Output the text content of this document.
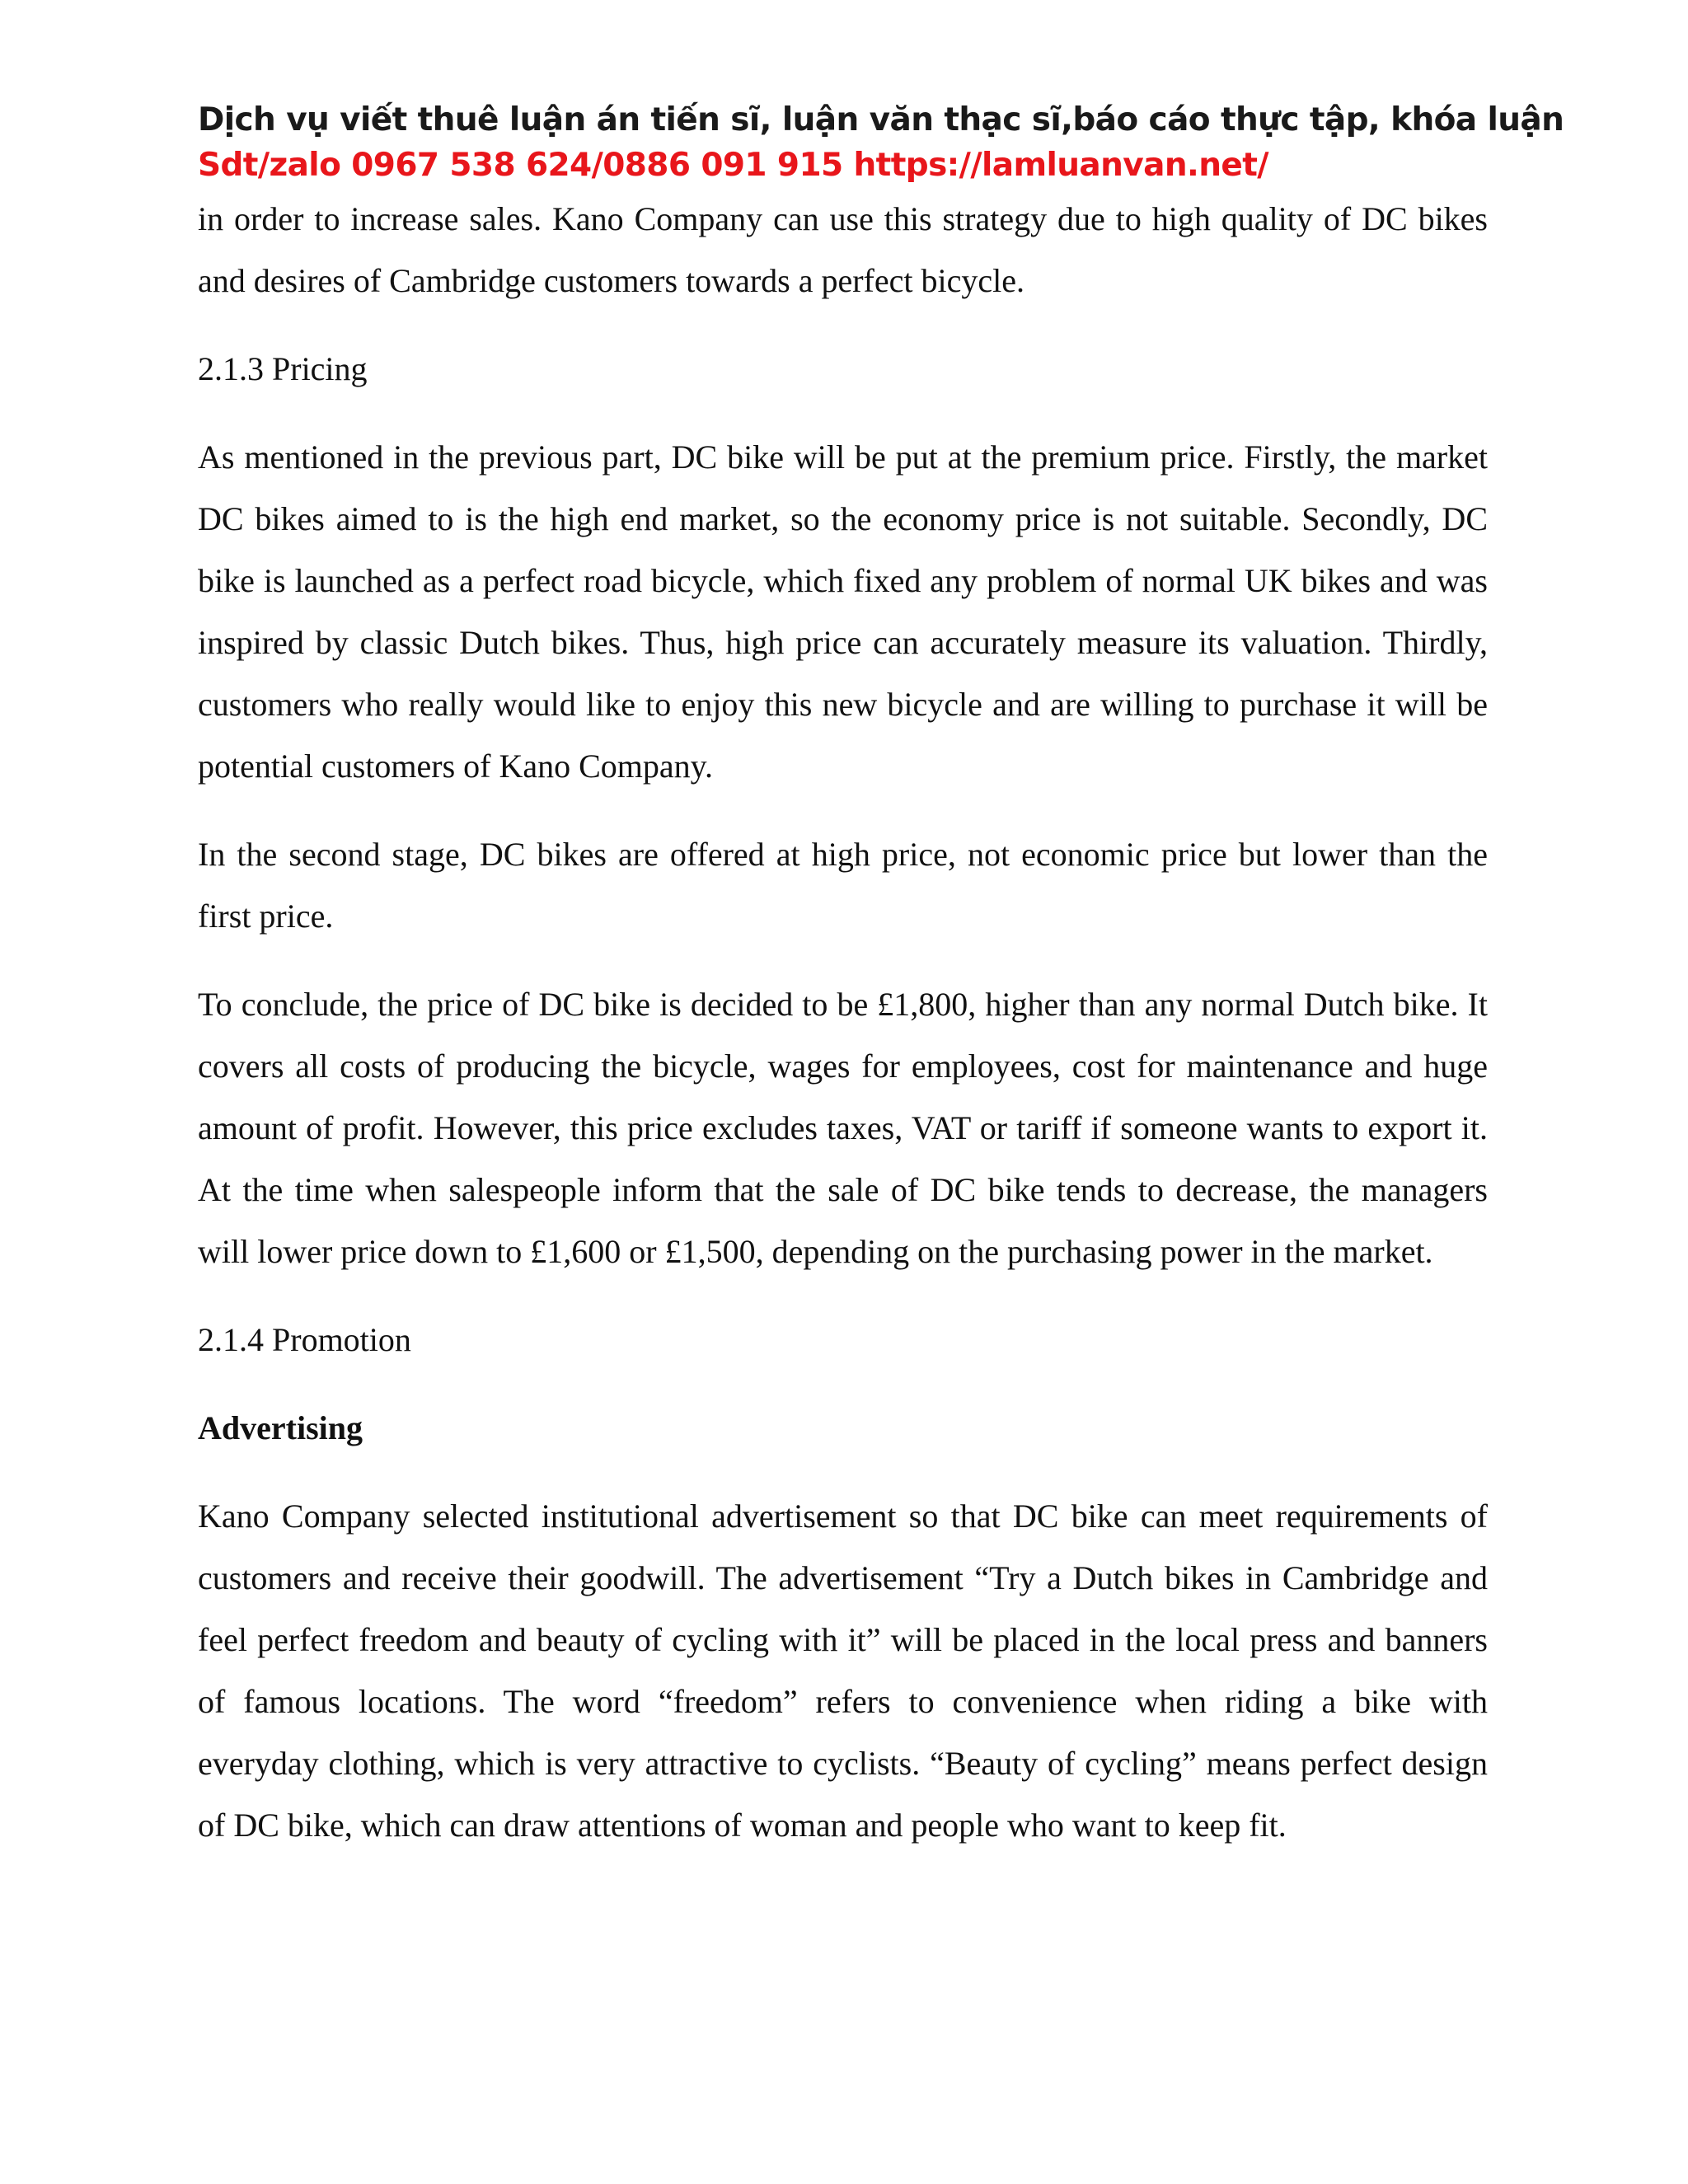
Dịch vụ viết thuê luận án tiến sĩ, luận văn thạc sĩ,báo cáo thực tập, khóa luận
Sdt/zalo 0967 538 624/0886 091 915 https://lamluanvan.net/

in order to increase sales. Kano Company can use this strategy due to high quality of DC bikes and desires of Cambridge customers towards a perfect bicycle.

2.1.3 Pricing

As mentioned in the previous part, DC bike will be put at the premium price. Firstly, the market DC bikes aimed to is the high end market, so the economy price is not suitable. Secondly, DC bike is launched as a perfect road bicycle, which fixed any problem of normal UK bikes and was inspired by classic Dutch bikes. Thus, high price can accurately measure its valuation. Thirdly, customers who really would like to enjoy this new bicycle and are willing to purchase it will be potential customers of Kano Company.

In the second stage, DC bikes are offered at high price, not economic price but lower than the first price.

To conclude, the price of DC bike is decided to be £1,800, higher than any normal Dutch bike. It covers all costs of producing the bicycle, wages for employees, cost for maintenance and huge amount of profit. However, this price excludes taxes, VAT or tariff if someone wants to export it. At the time when salespeople inform that the sale of DC bike tends to decrease, the managers will lower price down to £1,600 or £1,500, depending on the purchasing power in the market.

2.1.4 Promotion

Advertising

Kano Company selected institutional advertisement so that DC bike can meet requirements of customers and receive their goodwill. The advertisement “Try a Dutch bikes in Cambridge and feel perfect freedom and beauty of cycling with it” will be placed in the local press and banners of famous locations. The word “freedom” refers to convenience when riding a bike with everyday clothing, which is very attractive to cyclists. “Beauty of cycling” means perfect design of DC bike, which can draw attentions of woman and people who want to keep fit.
